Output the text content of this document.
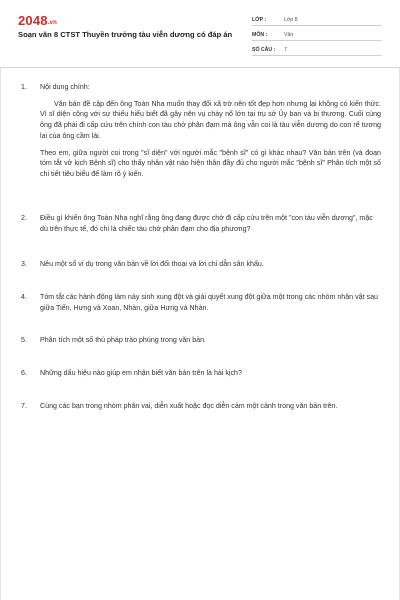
2048.vn
Soạn văn 8 CTST Thuyền trưởng tàu viễn dương có đáp án
LỚP :	Lớp 8
MÔN :	Văn
SỐ CÂU :	7
1.	Nội dung chính:
Văn bản đề cập đến ông Toàn Nha muốn thay đổi xã trở nên tốt đẹp hơn nhưng lại không có kiến thức. Vì sĩ diện cộng với sự thiếu hiểu biết đã gây nên vụ cháy nổ lớn tại trụ sở Ủy ban và bị thương. Cuối cùng ông đã phải đi cấp cứu trên chính con tàu chở phân đạm mà ông vẫn coi là tàu viễn dương do con rể tương lai của ông cầm lái.
Theo em, giữa người coi trọng "sĩ diện" với người mắc "bệnh sĩ" có gì khác nhau? Văn bản trên (và đoạn tóm tắt vở kịch Bệnh sĩ) cho thấy nhân vật nào hiện thân đầy đủ cho người mắc "bệnh sĩ" Phân tích một số chi tiết tiêu biểu để làm rõ ý kiến.
2.	Điều gì khiến ông Toàn Nha nghĩ rằng ông đang được chở đi cấp cứu trên một "con tàu viễn dương", mặc dù trên thực tế, đó chỉ là chiếc tàu chở phân đạm cho địa phương?
3.	Nêu một số ví dụ trong văn bản về lời đối thoại và lời chỉ dẫn sân khấu.
4.	Tóm tắt các hành động làm nảy sinh xung đột và giải quyết xung đột giữa một trong các nhóm nhân vật sau giữa Tiến, Hưng và Xoan, Nhàn, giữa Hưng và Nhàn.
5.	Phân tích một số thủ pháp trào phúng trong văn bản.
6.	Những dấu hiệu nào giúp em nhận biết văn bản trên là hài kịch?
7.	Cùng các bạn trong nhóm phân vai, diễn xuất hoặc đọc diễn cảm một cảnh trong văn bản trên.
